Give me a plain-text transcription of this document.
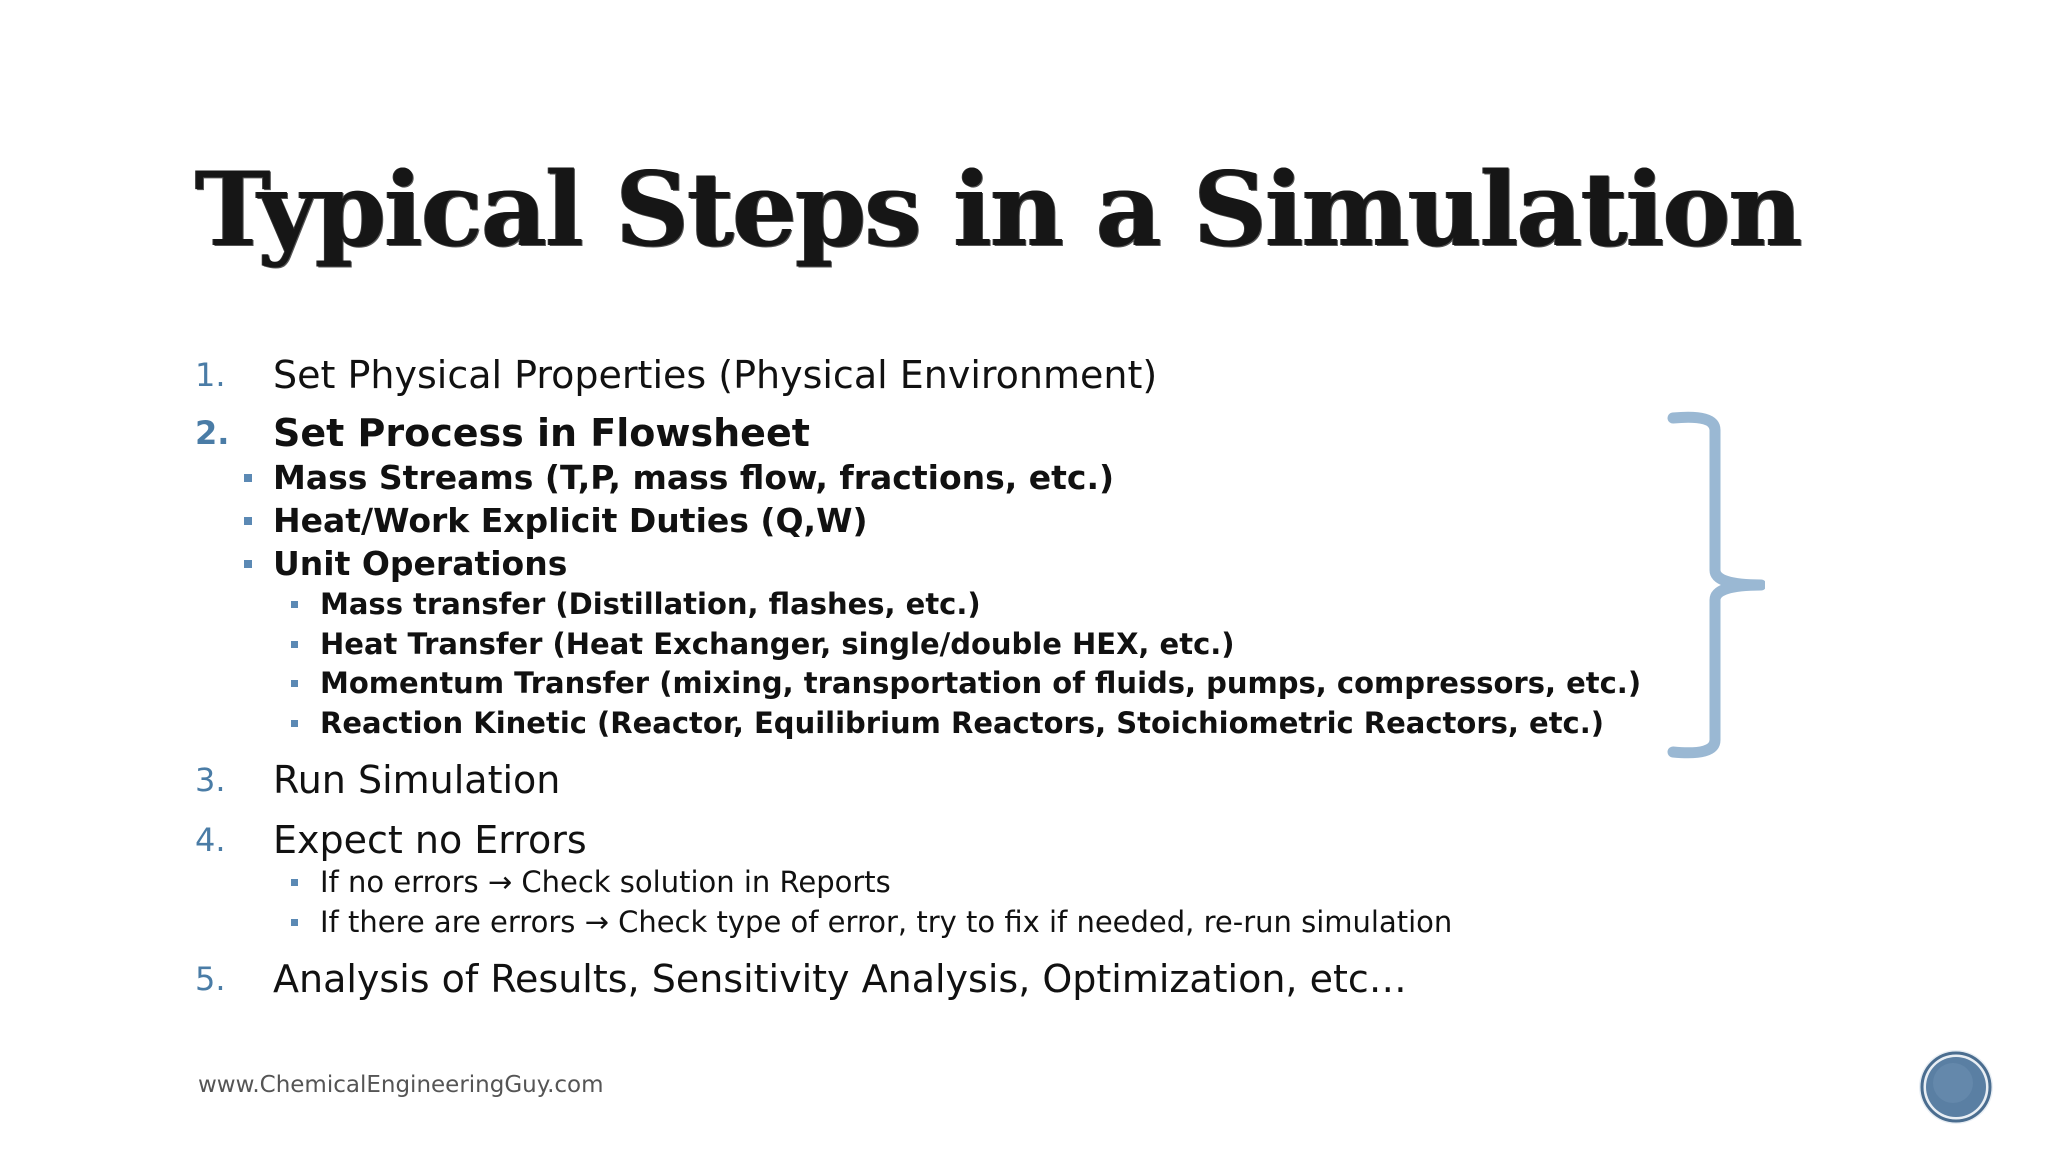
Typical Steps in a Simulation
1. Set Physical Properties (Physical Environment)
2. Set Process in Flowsheet
Mass Streams (T,P, mass flow, fractions, etc.)
Heat/Work Explicit Duties (Q,W)
Unit Operations
Mass transfer (Distillation, flashes, etc.)
Heat Transfer (Heat Exchanger, single/double HEX, etc.)
Momentum Transfer (mixing, transportation of fluids, pumps, compressors, etc.)
Reaction Kinetic (Reactor, Equilibrium Reactors, Stoichiometric Reactors, etc.)
3. Run Simulation
4. Expect no Errors
If no errors → Check solution in Reports
If there are errors → Check type of error, try to fix if needed, re-run simulation
5. Analysis of Results, Sensitivity Analysis, Optimization, etc…
www.ChemicalEngineeringGuy.com
